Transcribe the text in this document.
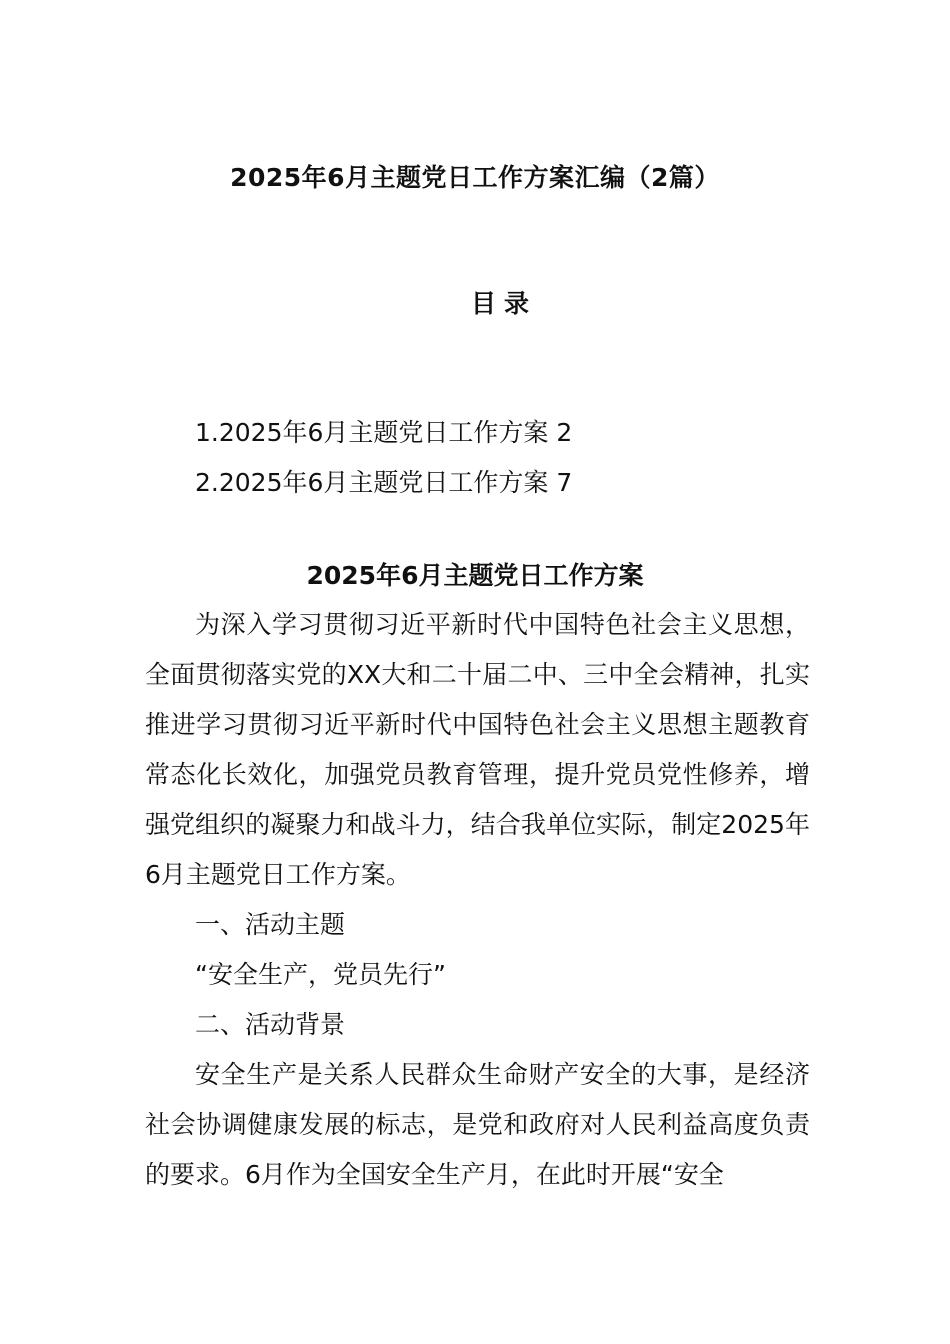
2025年6月主题党日工作方案汇编（2篇）
目 录
1.2025年6月主题党日工作方案 2
2.2025年6月主题党日工作方案 7
2025年6月主题党日工作方案

为深入学习贯彻习近平新时代中国特色社会主义思想，全面贯彻落实党的XX大和二十届二中、三中全会精神，扎实推进学习贯彻习近平新时代中国特色社会主义思想主题教育常态化长效化，加强党员教育管理，提升党员党性修养，增强党组织的凝聚力和战斗力，结合我单位实际，制定2025年6月主题党日工作方案。

一、活动主题

“安全生产，党员先行”

二、活动背景

安全生产是关系人民群众生命财产安全的大事，是经济社会协调健康发展的标志，是党和政府对人民利益高度负责的要求。6月作为全国安全生产月，在此时开展“安全
